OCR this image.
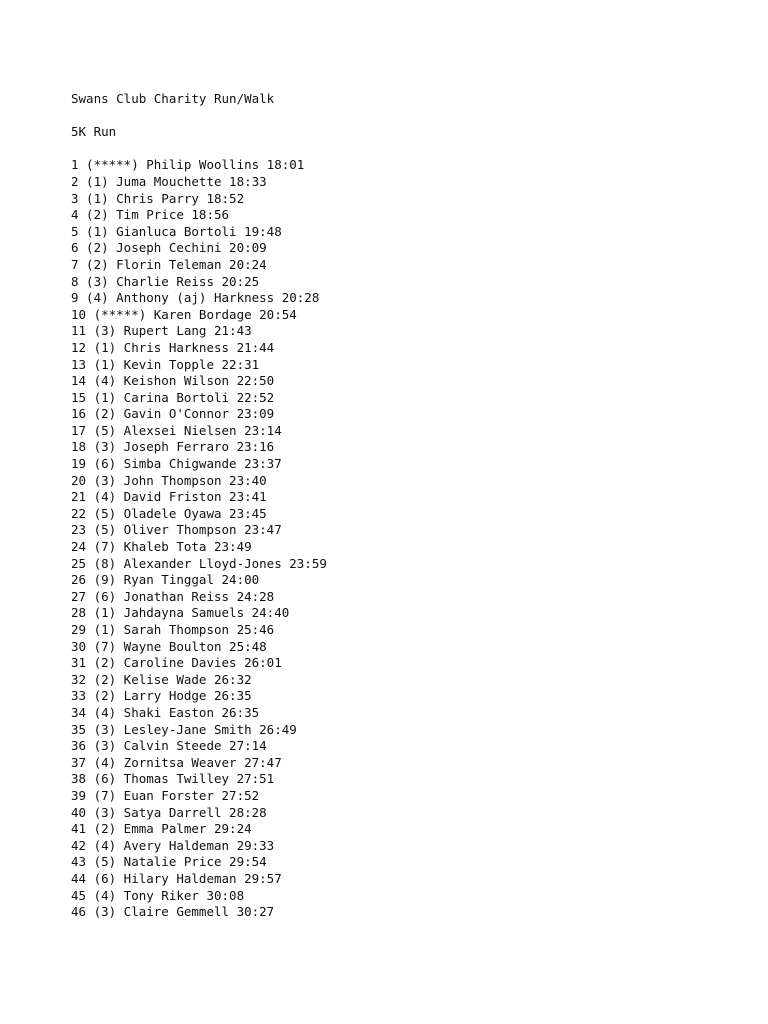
Swans Club Charity Run/Walk
5K Run
1 (*****) Philip Woollins 18:01
2 (1) Juma Mouchette 18:33
3 (1) Chris Parry 18:52
4 (2) Tim Price 18:56
5 (1) Gianluca Bortoli 19:48
6 (2) Joseph Cechini 20:09
7 (2) Florin Teleman 20:24
8 (3) Charlie Reiss 20:25
9 (4) Anthony (aj) Harkness 20:28
10 (*****) Karen Bordage 20:54
11 (3) Rupert Lang 21:43
12 (1) Chris Harkness 21:44
13 (1) Kevin Topple 22:31
14 (4) Keishon Wilson 22:50
15 (1) Carina Bortoli 22:52
16 (2) Gavin O'Connor 23:09
17 (5) Alexsei Nielsen 23:14
18 (3) Joseph Ferraro 23:16
19 (6) Simba Chigwande 23:37
20 (3) John Thompson 23:40
21 (4) David Friston 23:41
22 (5) Oladele Oyawa 23:45
23 (5) Oliver Thompson 23:47
24 (7) Khaleb Tota 23:49
25 (8) Alexander Lloyd-Jones 23:59
26 (9) Ryan Tinggal 24:00
27 (6) Jonathan Reiss 24:28
28 (1) Jahdayna Samuels 24:40
29 (1) Sarah Thompson 25:46
30 (7) Wayne Boulton 25:48
31 (2) Caroline Davies 26:01
32 (2) Kelise Wade 26:32
33 (2) Larry Hodge 26:35
34 (4) Shaki Easton 26:35
35 (3) Lesley-Jane Smith 26:49
36 (3) Calvin Steede 27:14
37 (4) Zornitsa Weaver 27:47
38 (6) Thomas Twilley 27:51
39 (7) Euan Forster 27:52
40 (3) Satya Darrell 28:28
41 (2) Emma Palmer 29:24
42 (4) Avery Haldeman 29:33
43 (5) Natalie Price 29:54
44 (6) Hilary Haldeman 29:57
45 (4) Tony Riker 30:08
46 (3) Claire Gemmell 30:27
